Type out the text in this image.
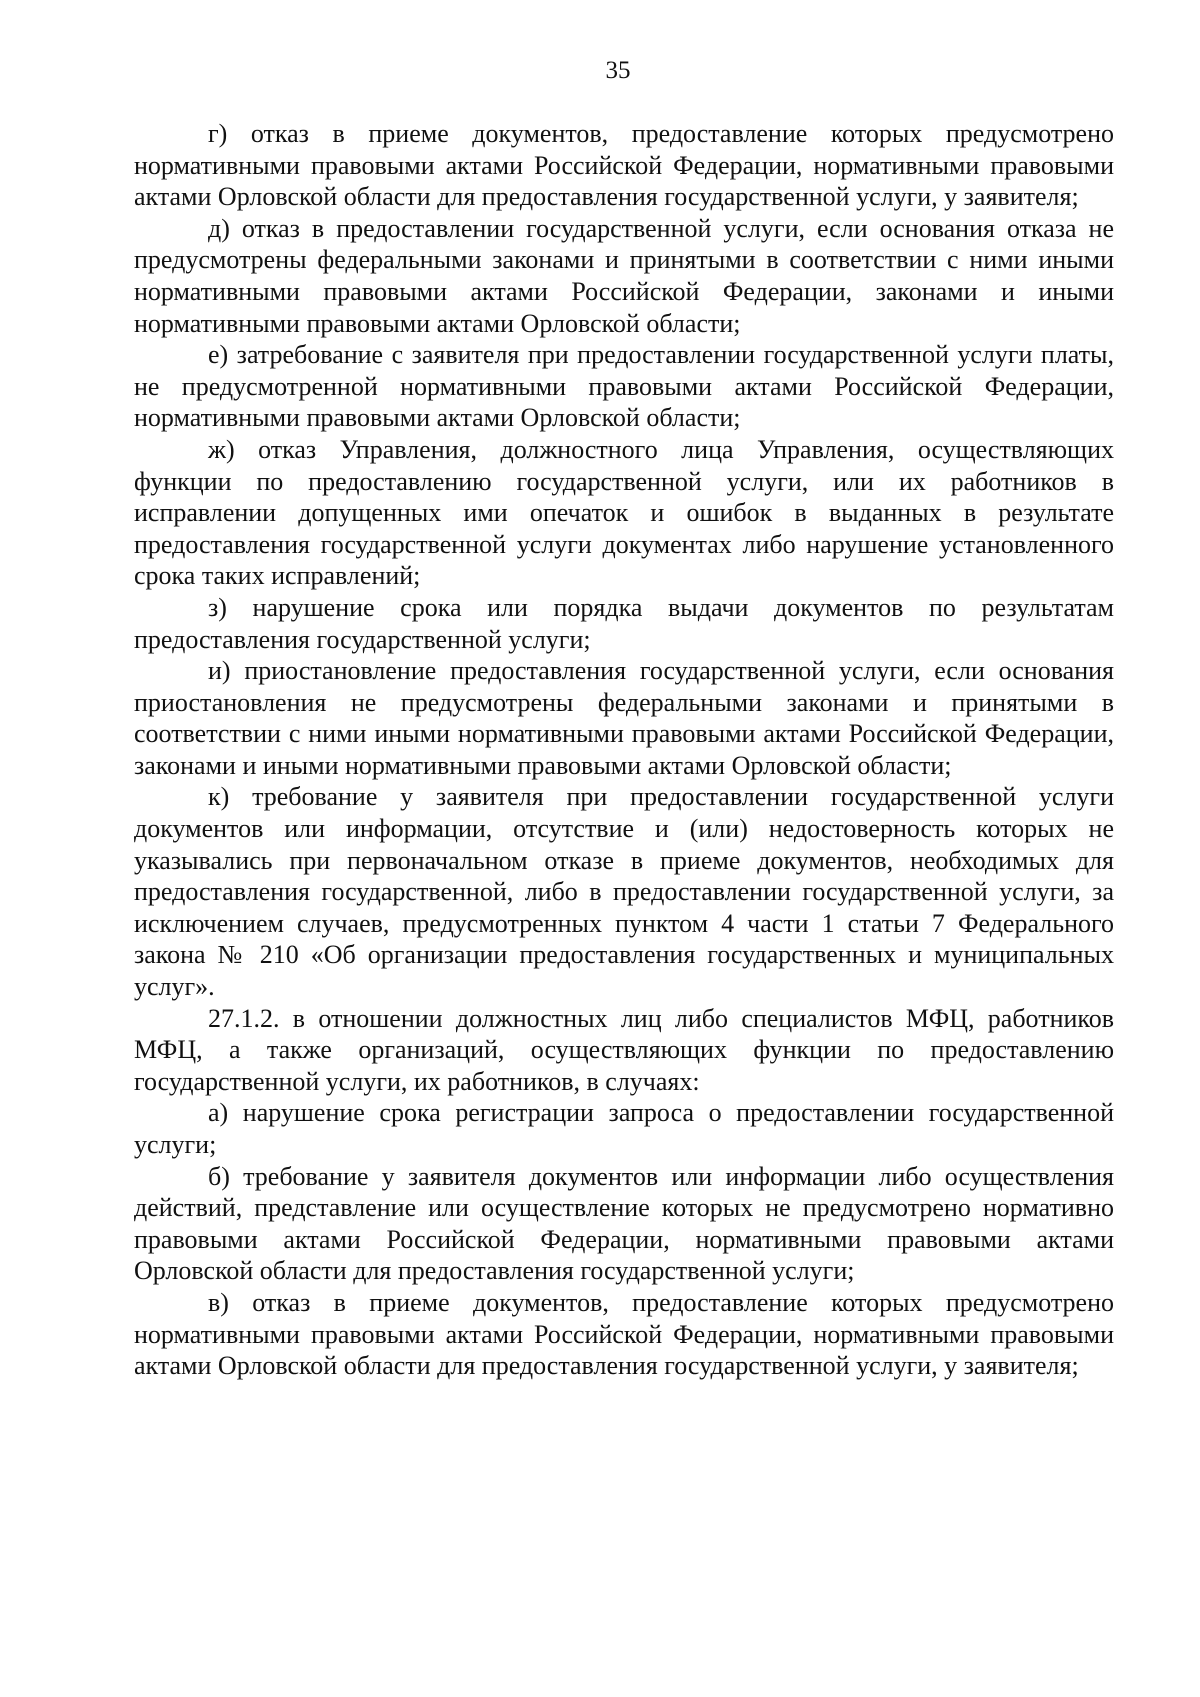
35

г) отказ в приеме документов, предоставление которых предусмотрено нормативными правовыми актами Российской Федерации, нормативными правовыми актами Орловской области для предоставления государственной услуги, у заявителя;

д) отказ в предоставлении государственной услуги, если основания отказа не предусмотрены федеральными законами и принятыми в соответствии с ними иными нормативными правовыми актами Российской Федерации, законами и иными нормативными правовыми актами Орловской области;

е) затребование с заявителя при предоставлении государственной услуги платы, не предусмотренной нормативными правовыми актами Российской Федерации, нормативными правовыми актами Орловской области;

ж) отказ Управления, должностного лица Управления, осуществляющих функции по предоставлению государственной услуги, или их работников в исправлении допущенных ими опечаток и ошибок в выданных в результате предоставления государственной услуги документах либо нарушение установленного срока таких исправлений;

з) нарушение срока или порядка выдачи документов по результатам предоставления государственной услуги;

и) приостановление предоставления государственной услуги, если основания приостановления не предусмотрены федеральными законами и принятыми в соответствии с ними иными нормативными правовыми актами Российской Федерации, законами и иными нормативными правовыми актами Орловской области;

к) требование у заявителя при предоставлении государственной услуги документов или информации, отсутствие и (или) недостоверность которых не указывались при первоначальном отказе в приеме документов, необходимых для предоставления государственной, либо в предоставлении государственной услуги, за исключением случаев, предусмотренных пунктом 4 части 1 статьи 7 Федерального закона № 210 «Об организации предоставления государственных и муниципальных услуг».

27.1.2. в отношении должностных лиц либо специалистов МФЦ, работников МФЦ, а также организаций, осуществляющих функции по предоставлению государственной услуги, их работников, в случаях:

а) нарушение срока регистрации запроса о предоставлении государственной услуги;

б) требование у заявителя документов или информации либо осуществления действий, представление или осуществление которых не предусмотрено нормативно правовыми актами Российской Федерации, нормативными правовыми актами Орловской области для предоставления государственной услуги;

в) отказ в приеме документов, предоставление которых предусмотрено нормативными правовыми актами Российской Федерации, нормативными правовыми актами Орловской области для предоставления государственной услуги, у заявителя;
